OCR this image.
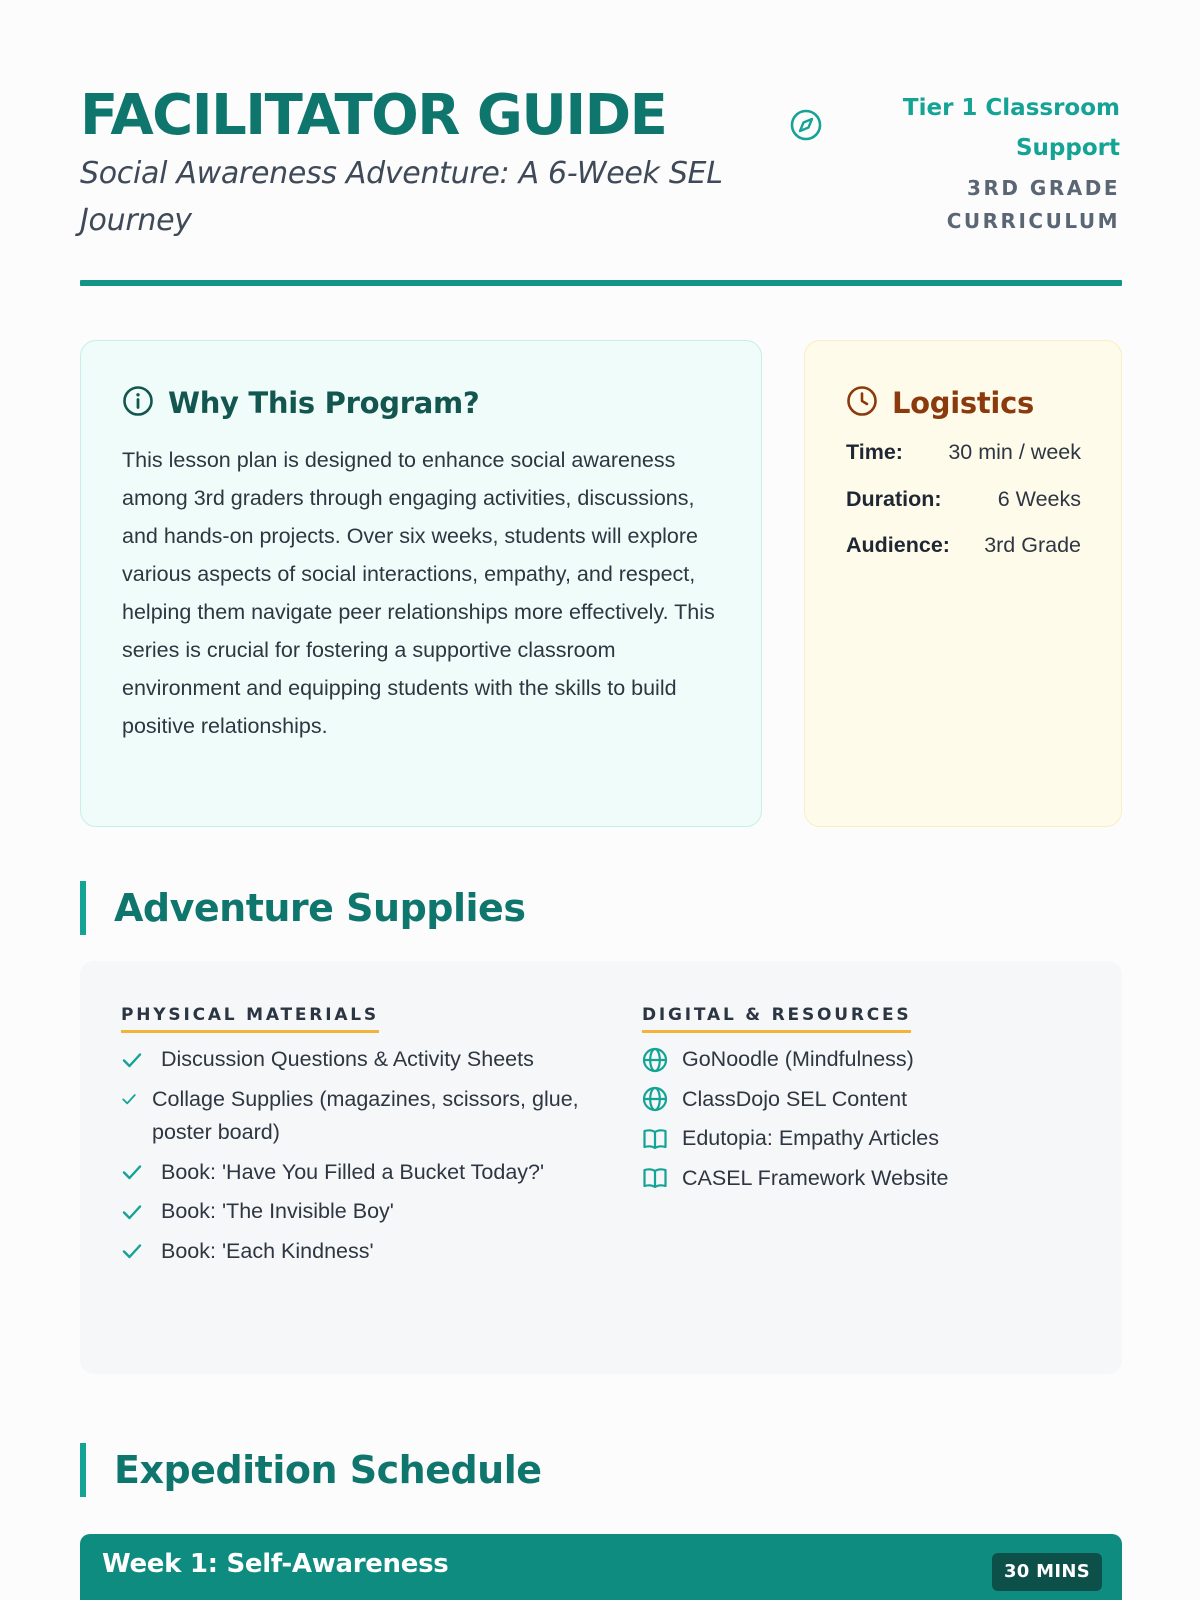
FACILITATOR GUIDE
Social Awareness Adventure: A 6-Week SEL Journey
Tier 1 Classroom Support
3RD GRADE CURRICULUM
Why This Program?

This lesson plan is designed to enhance social awareness among 3rd graders through engaging activities, discussions, and hands-on projects. Over six weeks, students will explore various aspects of social interactions, empathy, and respect, helping them navigate peer relationships more effectively. This series is crucial for fostering a supportive classroom environment and equipping students with the skills to build positive relationships.

Logistics
Time: 30 min / week
Duration:	6 Weeks
Audience: 3rd Grade
Adventure Supplies
PHYSICAL MATERIALS
Discussion Questions & Activity Sheets
Collage Supplies (magazines, scissors, glue, poster board)
Book: 'Have You Filled a Bucket Today?'
Book: 'The Invisible Boy'
Book: 'Each Kindness'
DIGITAL & RESOURCES
GoNoodle (Mindfulness)
ClassDojo SEL Content
Edutopia: Empathy Articles
CASEL Framework Website
Expedition Schedule
Week 1: Self-Awareness	30 MINS
